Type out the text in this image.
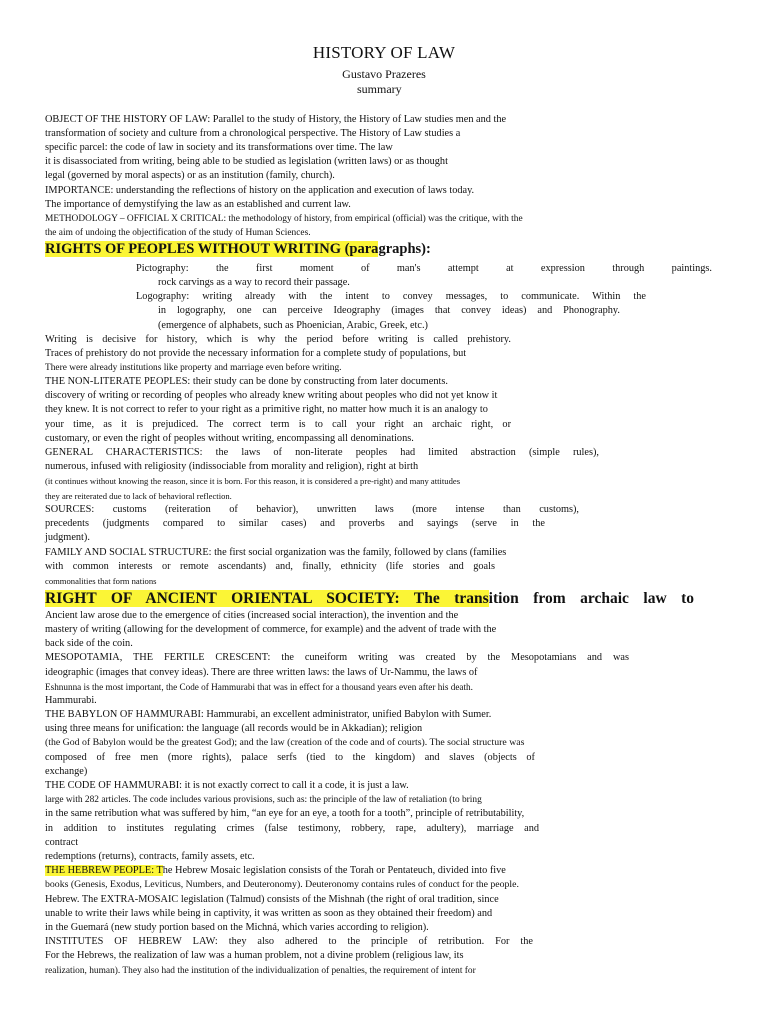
HISTORY OF LAW
Gustavo Prazeres
summary
OBJECT OF THE HISTORY OF LAW: Parallel to the study of History, the History of Law studies men and the
transformation of society and culture from a chronological perspective. The History of Law studies a
specific parcel: the code of law in society and its transformations over time. The law
it is disassociated from writing, being able to be studied as legislation (written laws) or as thought
legal (governed by moral aspects) or as an institution (family, church).
IMPORTANCE: understanding the reflections of history on the application and execution of laws today.
The importance of demystifying the law as an established and current law.
METHODOLOGY – OFFICIAL X CRITICAL: the methodology of history, from empirical (official) was the critique, with the
the aim of undoing the objectification of the study of Human Sciences.
RIGHTS OF PEOPLES WITHOUT WRITING (paragraphs):
Pictography: the first moment of man's attempt at expression through paintings.
rock carvings as a way to record their passage.
Logography: writing already with the intent to convey messages, to communicate. Within the
in logography, one can perceive Ideography (images that convey ideas) and Phonography.
(emergence of alphabets, such as Phoenician, Arabic, Greek, etc.)
Writing is decisive for history, which is why the period before writing is called prehistory.
Traces of prehistory do not provide the necessary information for a complete study of populations, but
There were already institutions like property and marriage even before writing.
THE NON-LITERATE PEOPLES: their study can be done by constructing from later documents.
discovery of writing or recording of peoples who already knew writing about peoples who did not yet know it
they knew. It is not correct to refer to your right as a primitive right, no matter how much it is an analogy to
your time, as it is prejudiced. The correct term is to call your right an archaic right, or
customary, or even the right of peoples without writing, encompassing all denominations.
GENERAL CHARACTERISTICS: the laws of non-literate peoples had limited abstraction (simple rules),
numerous, infused with religiosity (indissociable from morality and religion), right at birth
(it continues without knowing the reason, since it is born. For this reason, it is considered a pre-right) and many attitudes
they are reiterated due to lack of behavioral reflection.
SOURCES: customs (reiteration of behavior), unwritten laws (more intense than customs),
precedents (judgments compared to similar cases) and proverbs and sayings (serve in the
judgment).
FAMILY AND SOCIAL STRUCTURE: the first social organization was the family, followed by clans (families
with common interests or remote ascendants) and, finally, ethnicity (life stories and goals
commonalities that form nations
RIGHT OF ANCIENT ORIENTAL SOCIETY: The transition from archaic law to
Ancient law arose due to the emergence of cities (increased social interaction), the invention and the
mastery of writing (allowing for the development of commerce, for example) and the advent of trade with the
back side of the coin.
MESOPOTAMIA, THE FERTILE CRESCENT: the cuneiform writing was created by the Mesopotamians and was
ideographic (images that convey ideas). There are three written laws: the laws of Ur-Nammu, the laws of
Eshnunna is the most important, the Code of Hammurabi that was in effect for a thousand years even after his death.
Hammurabi.
THE BABYLON OF HAMMURABI: Hammurabi, an excellent administrator, unified Babylon with Sumer.
using three means for unification: the language (all records would be in Akkadian); religion
(the God of Babylon would be the greatest God); and the law (creation of the code and of courts). The social structure was
composed of free men (more rights), palace serfs (tied to the kingdom) and slaves (objects of
exchange)
THE CODE OF HAMMURABI: it is not exactly correct to call it a code, it is just a law.
large with 282 articles. The code includes various provisions, such as: the principle of the law of retaliation (to bring
in the same retribution what was suffered by him, “an eye for an eye, a tooth for a tooth”, principle of retributability,
in addition to institutes regulating crimes (false testimony, robbery, rape, adultery), marriage and
contract
redemptions (returns), contracts, family assets, etc.
THE HEBREW PEOPLE: The Hebrew Mosaic legislation consists of the Torah or Pentateuch, divided into five
books (Genesis, Exodus, Leviticus, Numbers, and Deuteronomy). Deuteronomy contains rules of conduct for the people.
Hebrew. The EXTRA-MOSAIC legislation (Talmud) consists of the Mishnah (the right of oral tradition, since
unable to write their laws while being in captivity, it was written as soon as they obtained their freedom) and
in the Guemará (new study portion based on the Michná, which varies according to religion).
INSTITUTES OF HEBREW LAW: they also adhered to the principle of retribution. For the
For the Hebrews, the realization of law was a human problem, not a divine problem (religious law, its
realization, human). They also had the institution of the individualization of penalties, the requirement of intent for
